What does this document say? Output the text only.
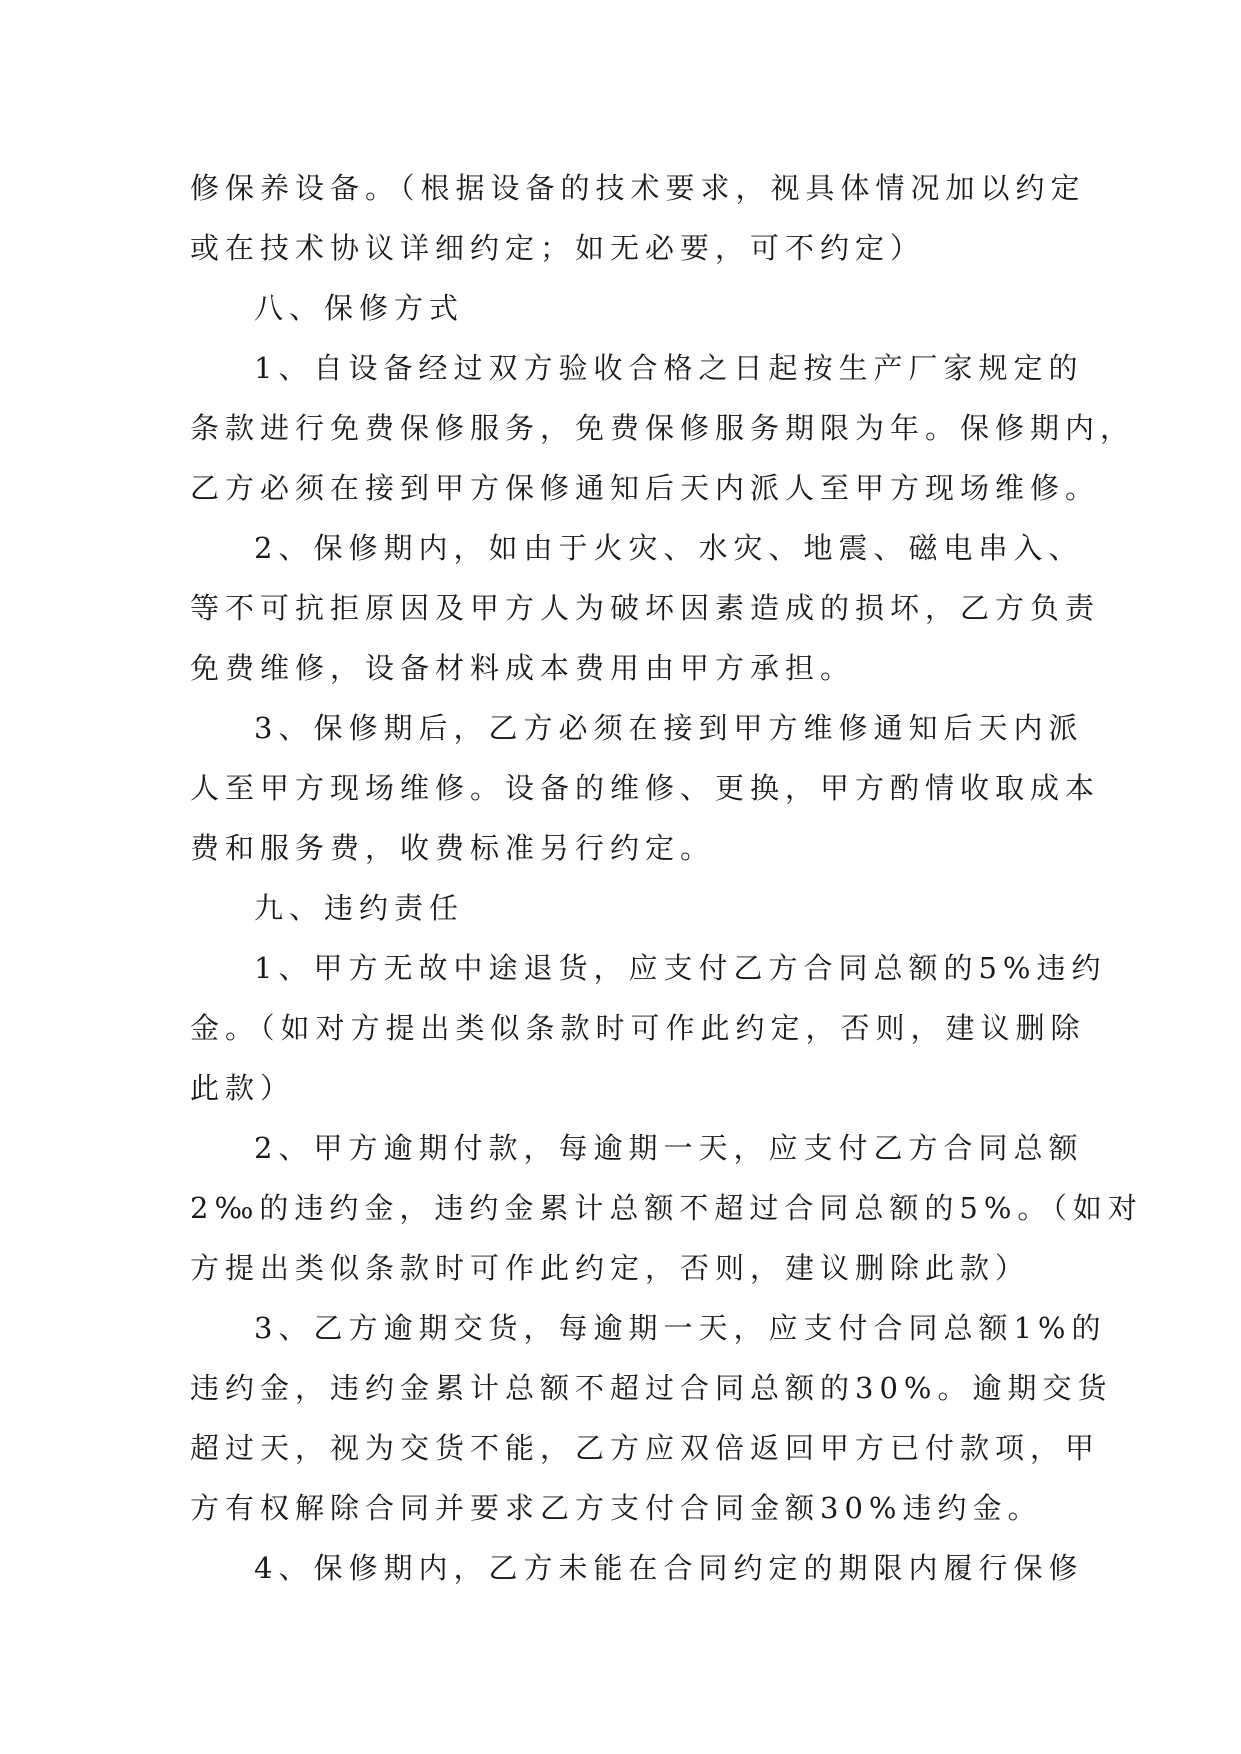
修保养设备。（根据设备的技术要求，视具体情况加以约定
或在技术协议详细约定；如无必要，可不约定）
八、保修方式
1、自设备经过双方验收合格之日起按生产厂家规定的
条款进行免费保修服务，免费保修服务期限为年。保修期内，
乙方必须在接到甲方保修通知后天内派人至甲方现场维修。
2、保修期内，如由于火灾、水灾、地震、磁电串入、
等不可抗拒原因及甲方人为破坏因素造成的损坏，乙方负责
免费维修，设备材料成本费用由甲方承担。
3、保修期后，乙方必须在接到甲方维修通知后天内派
人至甲方现场维修。设备的维修、更换，甲方酌情收取成本
费和服务费，收费标准另行约定。
九、违约责任
1、甲方无故中途退货，应支付乙方合同总额的5%违约
金。（如对方提出类似条款时可作此约定，否则，建议删除
此款）
2、甲方逾期付款，每逾期一天，应支付乙方合同总额
2‰的违约金，违约金累计总额不超过合同总额的5%。（如对
方提出类似条款时可作此约定，否则，建议删除此款）
3、乙方逾期交货，每逾期一天，应支付合同总额1%的
违约金，违约金累计总额不超过合同总额的30%。逾期交货
超过天，视为交货不能，乙方应双倍返回甲方已付款项，甲
方有权解除合同并要求乙方支付合同金额30%违约金。
4、保修期内，乙方未能在合同约定的期限内履行保修
